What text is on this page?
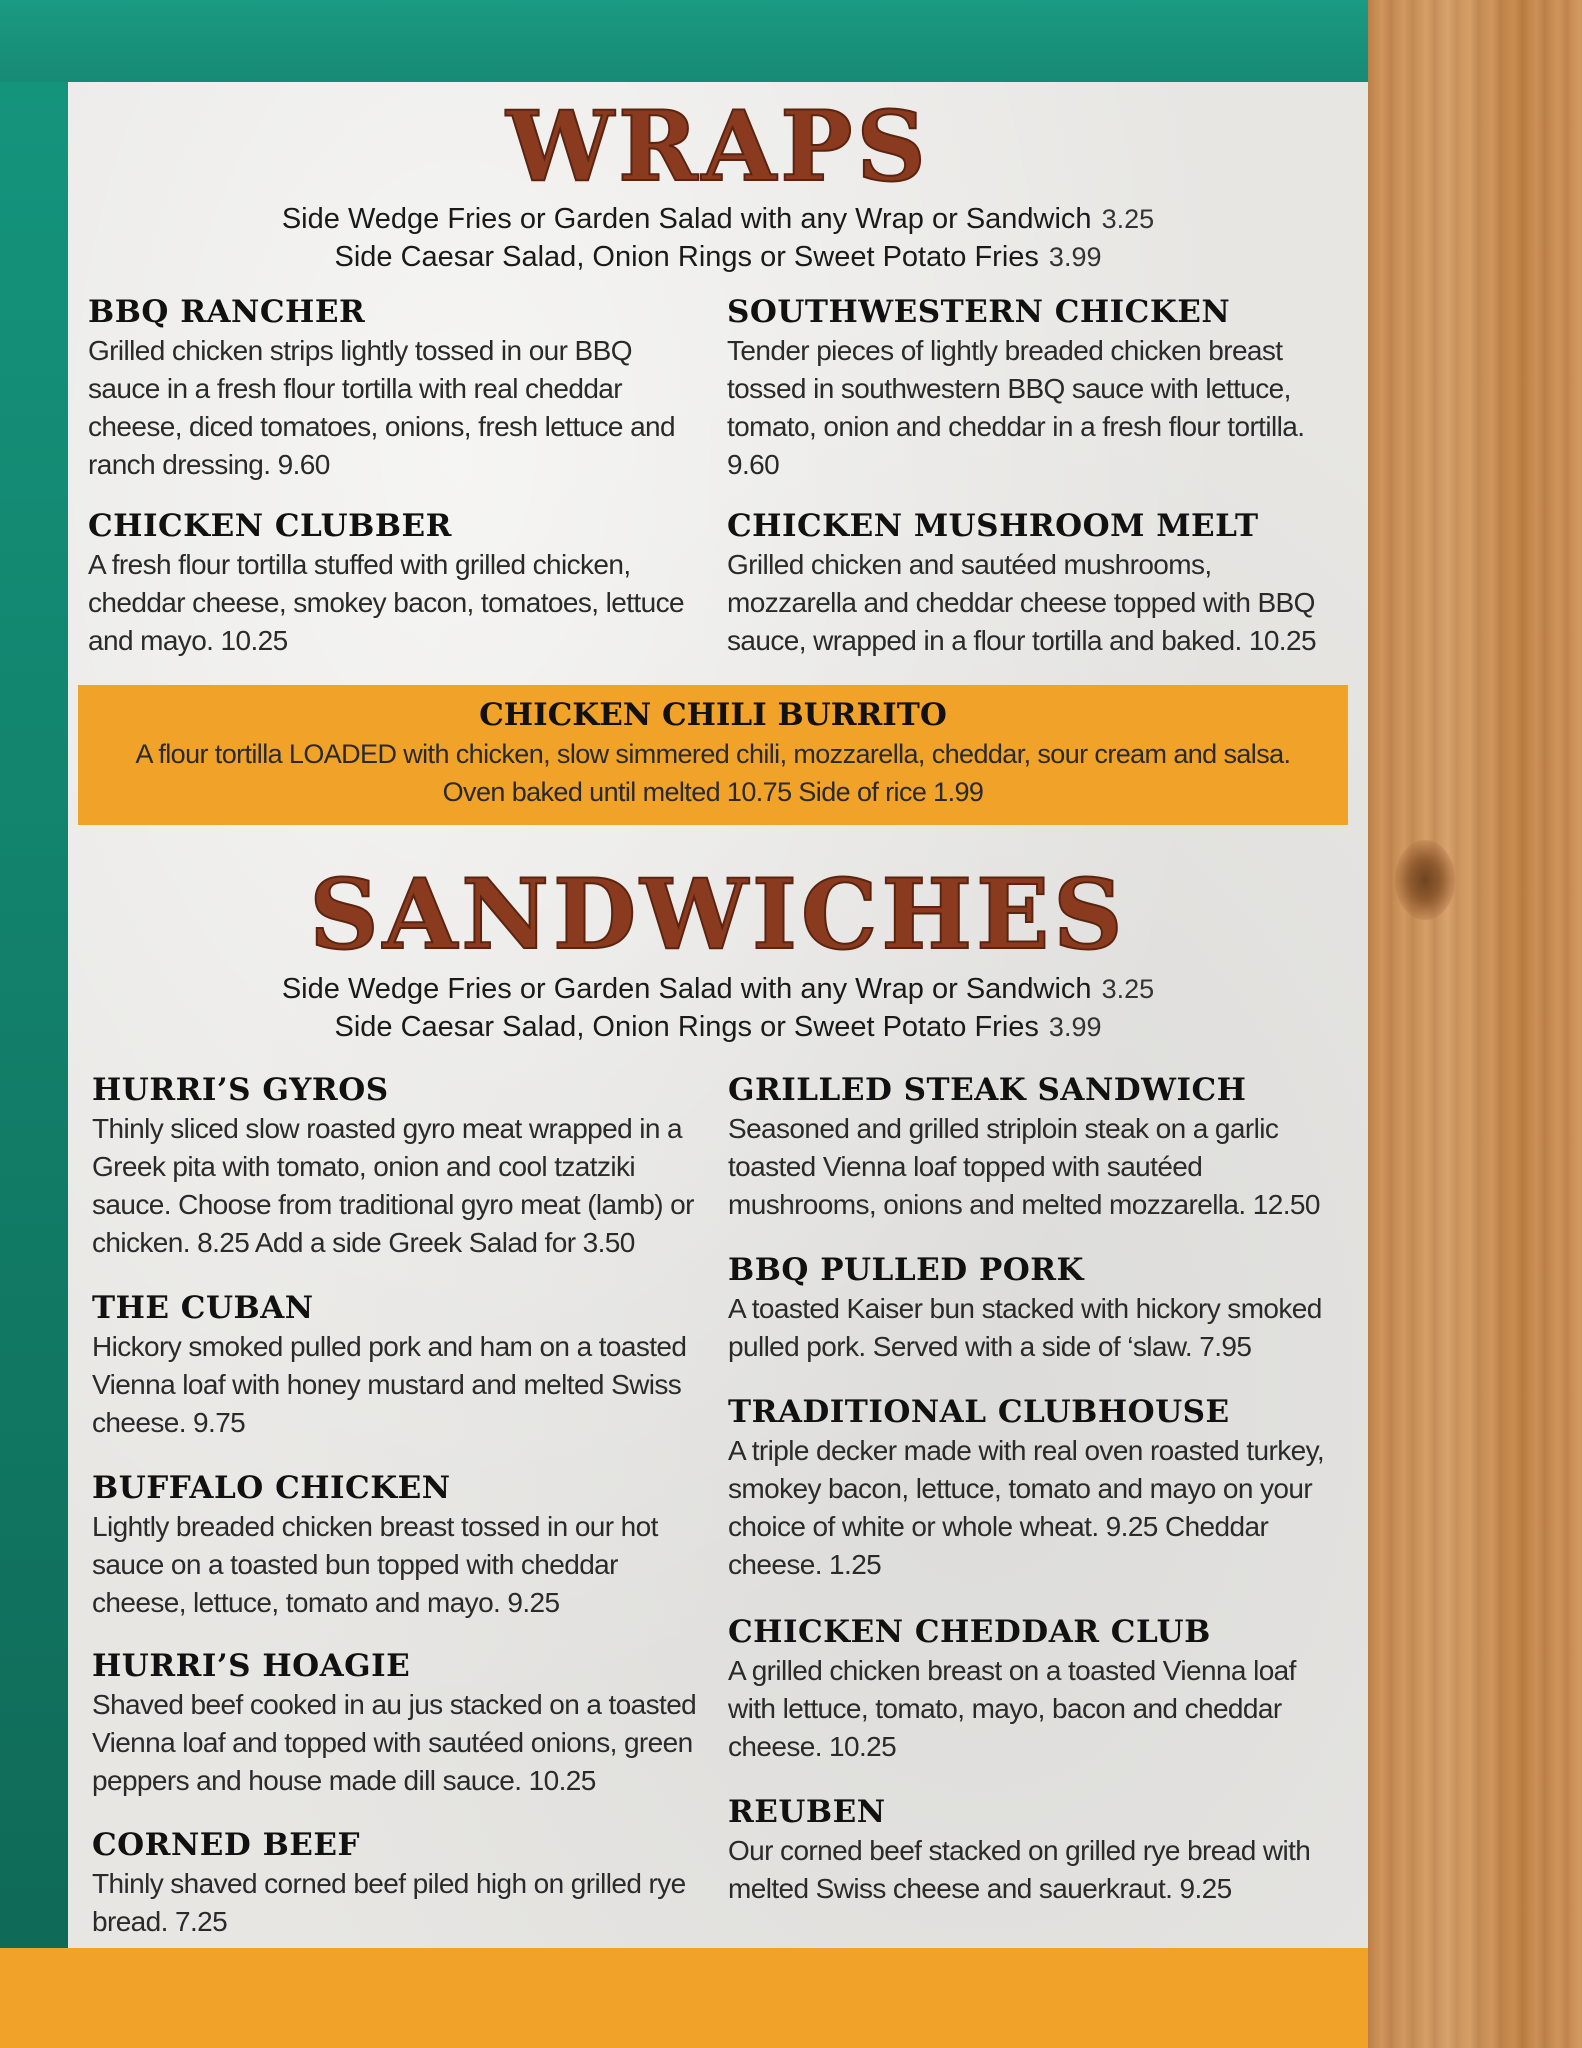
WRAPS
Side Wedge Fries or Garden Salad with any Wrap or Sandwich 3.25
Side Caesar Salad, Onion Rings or Sweet Potato Fries 3.99
BBQ RANCHER
Grilled chicken strips lightly tossed in our BBQ sauce in a fresh flour tortilla with real cheddar cheese, diced tomatoes, onions, fresh lettuce and ranch dressing. 9.60
SOUTHWESTERN CHICKEN
Tender pieces of lightly breaded chicken breast tossed in southwestern BBQ sauce with lettuce, tomato, onion and cheddar in a fresh flour tortilla. 9.60
CHICKEN CLUBBER
A fresh flour tortilla stuffed with grilled chicken, cheddar cheese, smokey bacon, tomatoes, lettuce and mayo. 10.25
CHICKEN MUSHROOM MELT
Grilled chicken and sautéed mushrooms, mozzarella and cheddar cheese topped with BBQ sauce, wrapped in a flour tortilla and baked. 10.25
CHICKEN CHILI BURRITO
A flour tortilla LOADED with chicken, slow simmered chili, mozzarella, cheddar, sour cream and salsa.
Oven baked until melted 10.75 Side of rice 1.99
SANDWICHES
Side Wedge Fries or Garden Salad with any Wrap or Sandwich 3.25
Side Caesar Salad, Onion Rings or Sweet Potato Fries 3.99
HURRI’S GYROS
Thinly sliced slow roasted gyro meat wrapped in a Greek pita with tomato, onion and cool tzatziki sauce. Choose from traditional gyro meat (lamb) or chicken. 8.25 Add a side Greek Salad for 3.50
THE CUBAN
Hickory smoked pulled pork and ham on a toasted Vienna loaf with honey mustard and melted Swiss cheese. 9.75
BUFFALO CHICKEN
Lightly breaded chicken breast tossed in our hot sauce on a toasted bun topped with cheddar cheese, lettuce, tomato and mayo. 9.25
HURRI’S HOAGIE
Shaved beef cooked in au jus stacked on a toasted Vienna loaf and topped with sautéed onions, green peppers and house made dill sauce. 10.25
CORNED BEEF
Thinly shaved corned beef piled high on grilled rye bread. 7.25
GRILLED STEAK SANDWICH
Seasoned and grilled striploin steak on a garlic toasted Vienna loaf topped with sautéed mushrooms, onions and melted mozzarella. 12.50
BBQ PULLED PORK
A toasted Kaiser bun stacked with hickory smoked pulled pork. Served with a side of ‘slaw. 7.95
TRADITIONAL CLUBHOUSE
A triple decker made with real oven roasted turkey, smokey bacon, lettuce, tomato and mayo on your choice of white or whole wheat. 9.25 Cheddar cheese. 1.25
CHICKEN CHEDDAR CLUB
A grilled chicken breast on a toasted Vienna loaf with lettuce, tomato, mayo, bacon and cheddar cheese. 10.25
REUBEN
Our corned beef stacked on grilled rye bread with melted Swiss cheese and sauerkraut. 9.25
